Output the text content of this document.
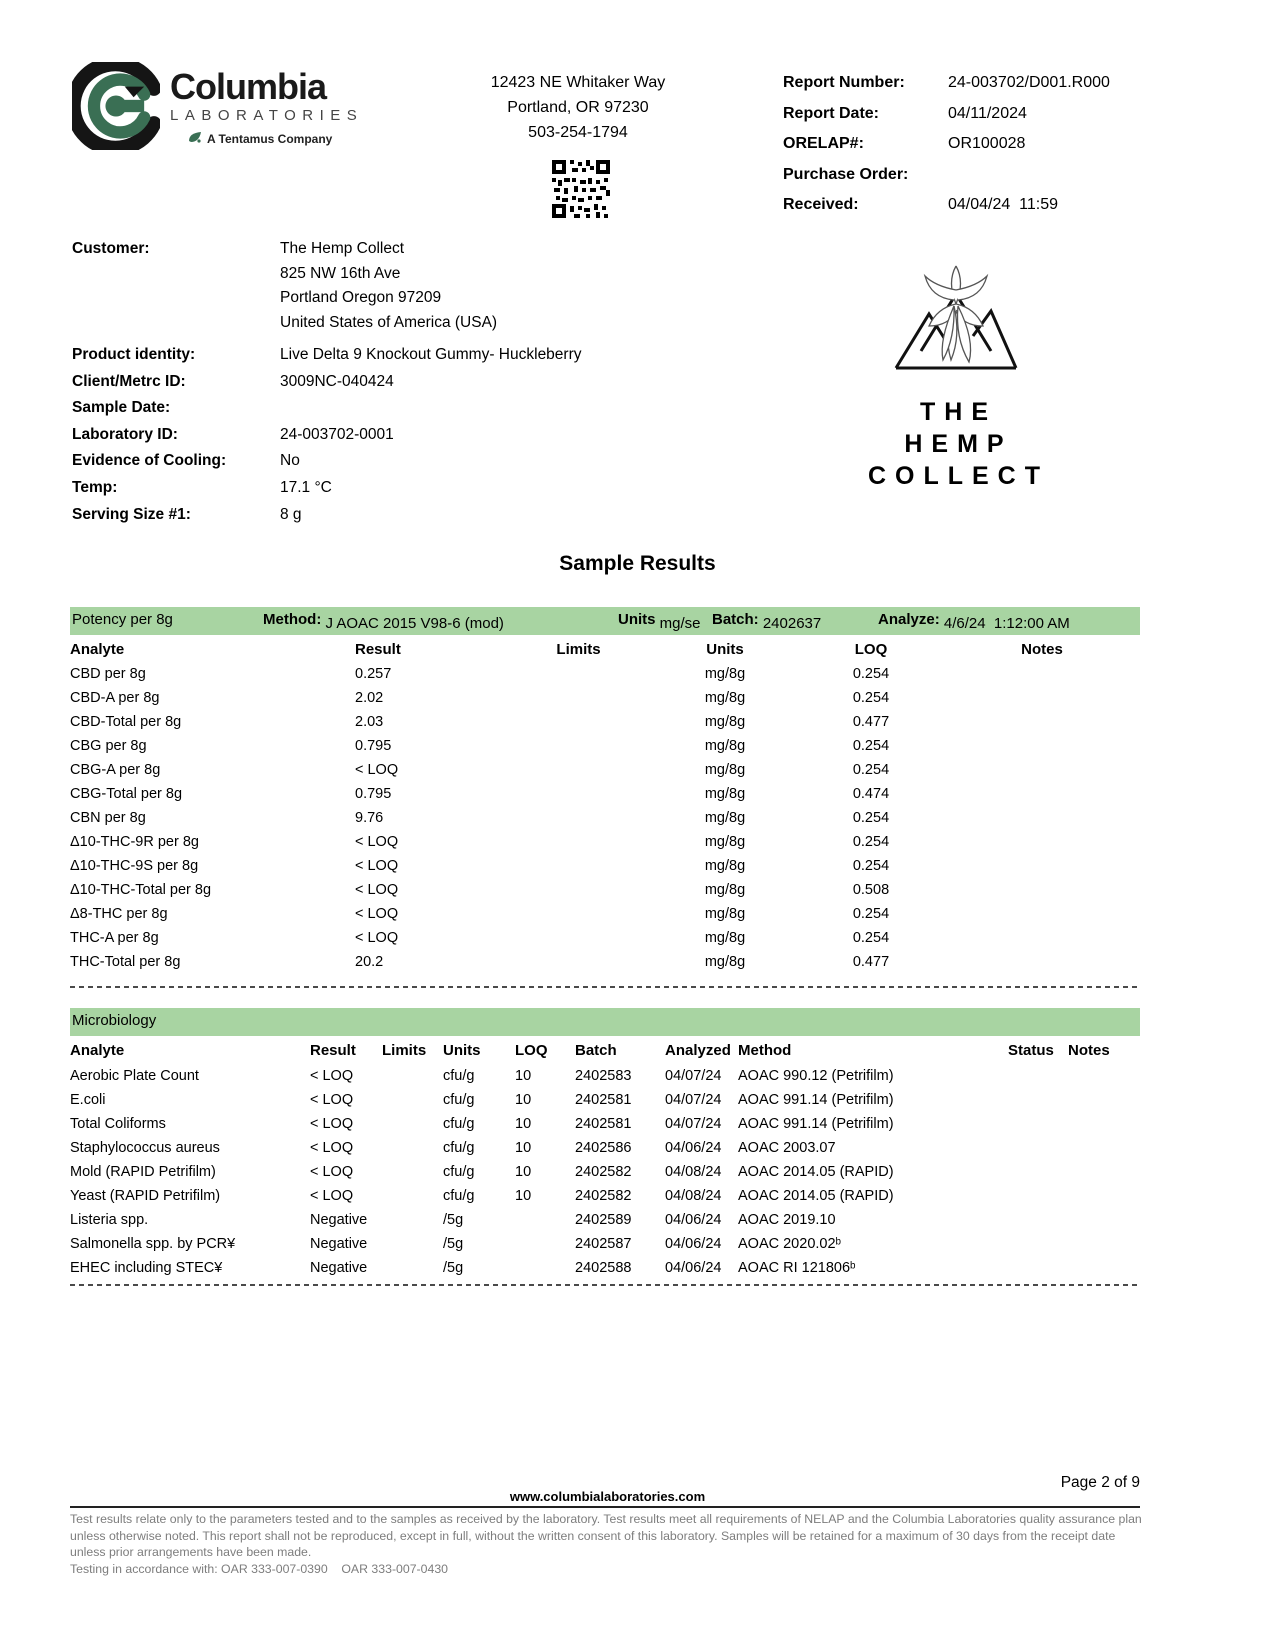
Columbia
LABORATORIES
A Tentamus Company
12423 NE Whitaker Way
Portland, OR 97230
503-254-1794
Report Number:	24-003702/D001.R000
Report Date:	04/11/2024
ORELAP#:	OR100028
Purchase Order:
Received:	04/04/24  11:59
Customer:	The Hemp Collect
825 NW 16th Ave
Portland Oregon 97209
United States of America (USA)
Product identity:	Live Delta 9 Knockout Gummy- Huckleberry
Client/Metrc ID:	3009NC-040424
Sample Date:
Laboratory ID:	24-003702-0001
Evidence of Cooling:	No
Temp:	17.1 °C
Serving Size #1:	8 g
THE HEMP
COLLECT
Sample Results
Potency per 8g	Method: J AOAC 2015 V98-6 (mod)	Units mg/se Batch: 2402637	Analyze: 4/6/24  1:12:00 AM
Analyte	Result	Limits	Units	LOQ	Notes
CBD per 8g	0.257		mg/8g	0.254	
CBD-A per 8g	2.02		mg/8g	0.254	
CBD-Total per 8g	2.03		mg/8g	0.477	
CBG per 8g	0.795		mg/8g	0.254	
CBG-A per 8g	< LOQ		mg/8g	0.254	
CBG-Total per 8g	0.795		mg/8g	0.474	
CBN per 8g	9.76		mg/8g	0.254	
Δ10-THC-9R per 8g	< LOQ		mg/8g	0.254	
Δ10-THC-9S per 8g	< LOQ		mg/8g	0.254	
Δ10-THC-Total per 8g	< LOQ		mg/8g	0.508	
Δ8-THC per 8g	< LOQ		mg/8g	0.254	
THC-A per 8g	< LOQ		mg/8g	0.254	
THC-Total per 8g	20.2		mg/8g	0.477	
Microbiology
Analyte	Result	Limits	Units	LOQ	Batch	Analyzed	Method	Status	Notes
Aerobic Plate Count	< LOQ		cfu/g	10	2402583	04/07/24	AOAC 990.12 (Petrifilm)		
E.coli	< LOQ		cfu/g	10	2402581	04/07/24	AOAC 991.14 (Petrifilm)		
Total Coliforms	< LOQ		cfu/g	10	2402581	04/07/24	AOAC 991.14 (Petrifilm)		
Staphylococcus aureus	< LOQ		cfu/g	10	2402586	04/06/24	AOAC 2003.07		
Mold (RAPID Petrifilm)	< LOQ		cfu/g	10	2402582	04/08/24	AOAC 2014.05 (RAPID)		
Yeast (RAPID Petrifilm)	< LOQ		cfu/g	10	2402582	04/08/24	AOAC 2014.05 (RAPID)		
Listeria spp.	Negative		/5g		2402589	04/06/24	AOAC 2019.10		
Salmonella spp. by PCR¥	Negative		/5g		2402587	04/06/24	AOAC 2020.02ᵇ		
EHEC including STEC¥	Negative		/5g		2402588	04/06/24	AOAC RI 121806ᵇ		
Page 2 of 9
www.columbialaboratories.com
Test results relate only to the parameters tested and to the samples as received by the laboratory. Test results meet all requirements of NELAP and the Columbia Laboratories quality assurance plan unless otherwise noted. This report shall not be reproduced, except in full, without the written consent of this laboratory. Samples will be retained for a maximum of 30 days from the receipt date unless prior arrangements have been made.
Testing in accordance with: OAR 333-007-0390    OAR 333-007-0430
